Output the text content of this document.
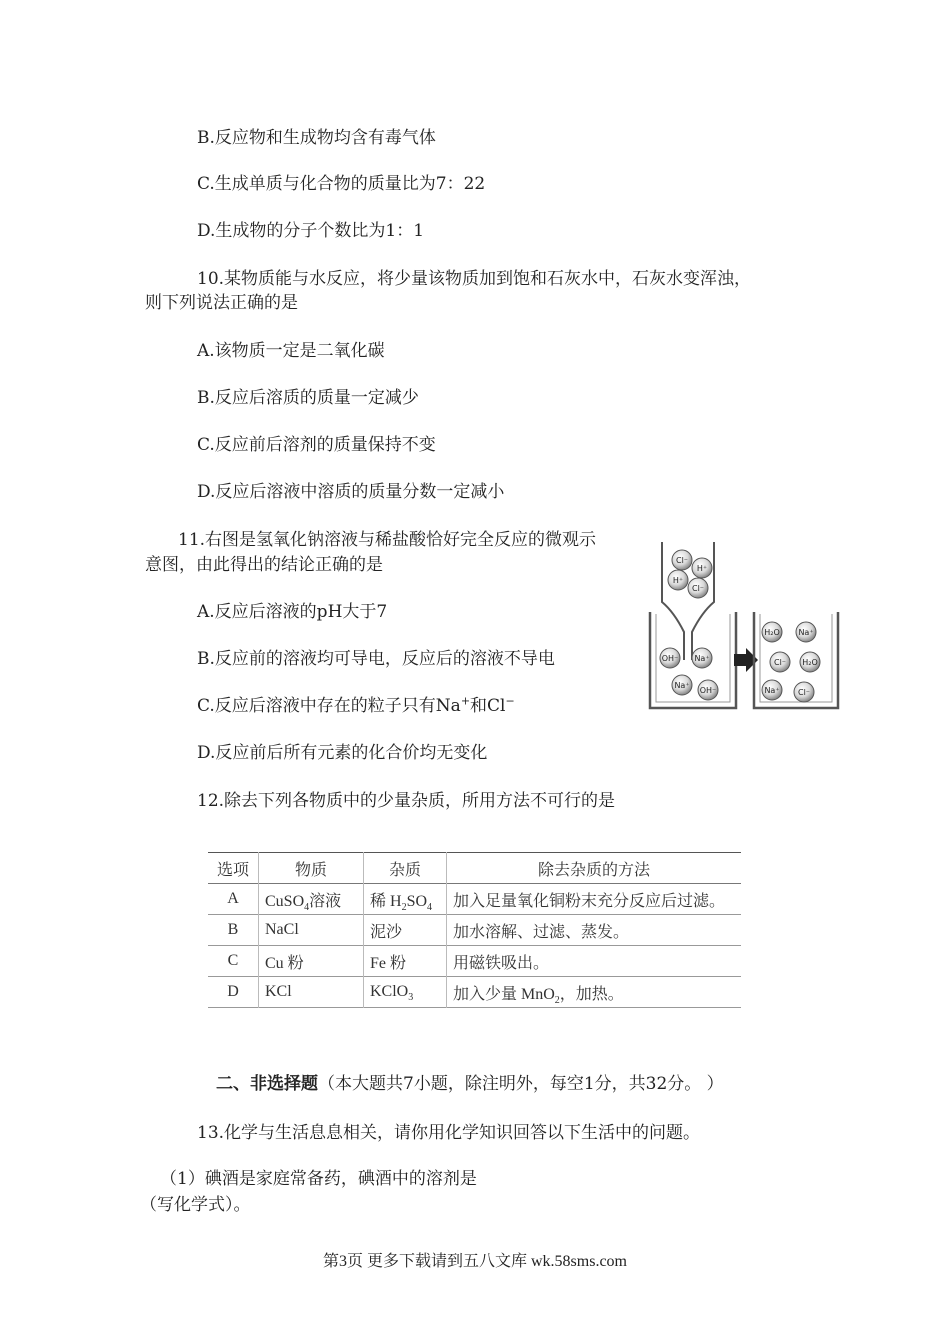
B.反应物和生成物均含有毒气体
C.生成单质与化合物的质量比为7：22
D.生成物的分子个数比为1：1
10.某物质能与水反应，将少量该物质加到饱和石灰水中，石灰水变浑浊，
则下列说法正确的是
A.该物质一定是二氧化碳
B.反应后溶质的质量一定减少
C.反应前后溶剂的质量保持不变
D.反应后溶液中溶质的质量分数一定减小
11.右图是氢氧化钠溶液与稀盐酸恰好完全反应的微观示
意图，由此得出的结论正确的是
A.反应后溶液的pH大于7
B.反应前的溶液均可导电，反应后的溶液不导电
C.反应后溶液中存在的粒子只有Na+和Cl−
D.反应前后所有元素的化合价均无变化
Cl⁻
H⁺
H⁺
Cl⁻
OH⁻ Na⁺
Na⁺
OH⁻
H₂O Na⁺
Cl⁻ H₂O
Na⁺ Cl⁻
12.除去下列各物质中的少量杂质，所用方法不可行的是
选项	物质	杂质	除去杂质的方法
A	CuSO$_4$溶液	稀 $H_2SO_4$	加入足量氧化铜粉末充分反应后过滤。
B	NaCl	泥沙	加水溶解、过滤、蒸发。
C	Cu 粉	Fe 粉	用磁铁吸出。
D	KCl	KClO$_3$	加入少量 MnO$_2$，加热。
二、非选择题（本大题共7小题，除注明外，每空1分，共32分。 ）
13.化学与生活息息相关，请你用化学知识回答以下生活中的问题。
（1）碘酒是家庭常备药，碘酒中的溶剂是
（写化学式）。
第3页 更多下载请到五八文库 wk.58sms.com
